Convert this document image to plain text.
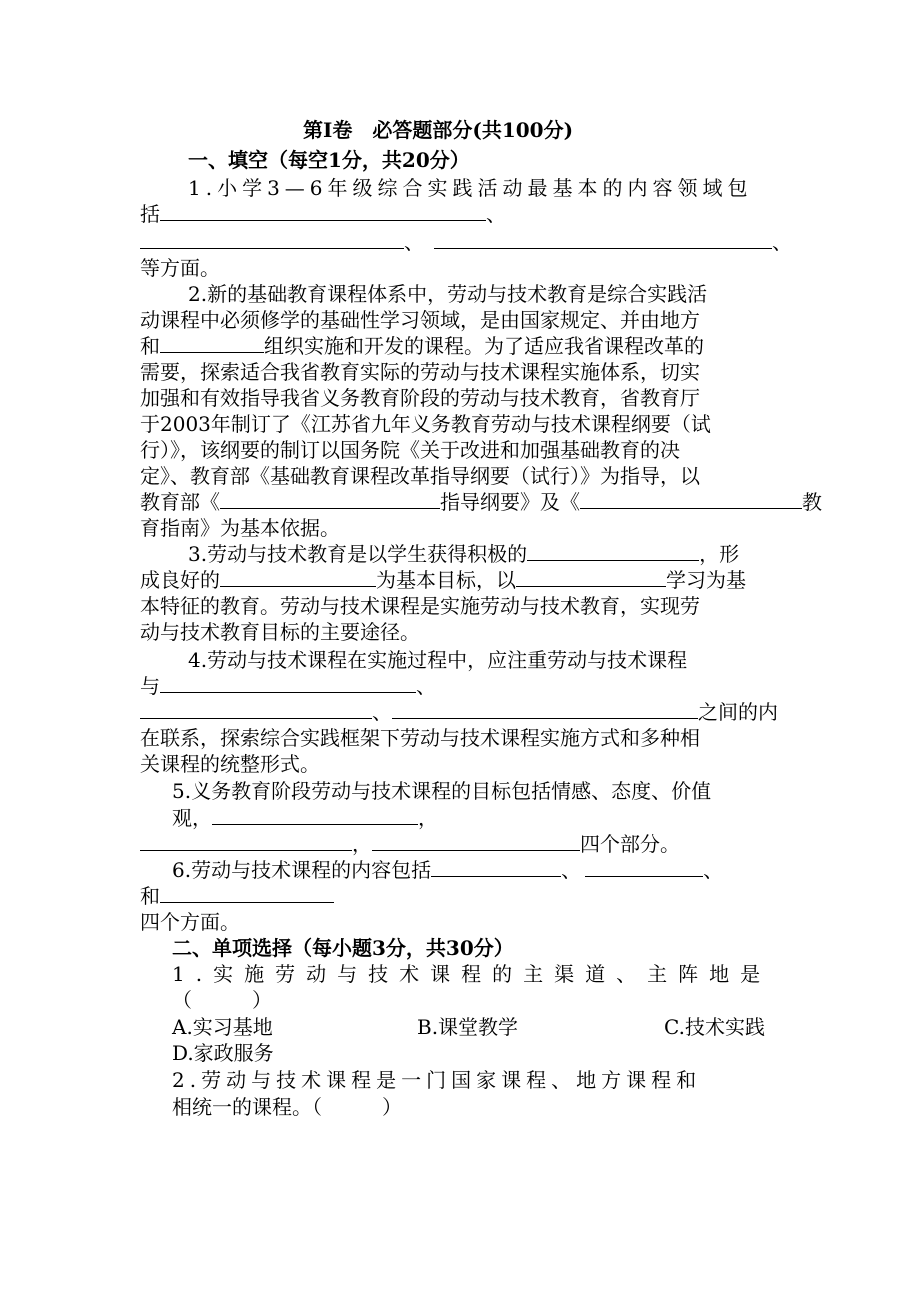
第Ⅰ卷　必答题部分(共100分)
一、填空（每空1分，共20分）
1.小学3—6年级综合实践活动最基本的内容领域包
括	、
、	、
等方面。
2.新的基础教育课程体系中，劳动与技术教育是综合实践活
动课程中必须修学的基础性学习领域，是由国家规定、并由地方
和	组织实施和开发的课程。为了适应我省课程改革的
需要，探索适合我省教育实际的劳动与技术课程实施体系，切实
加强和有效指导我省义务教育阶段的劳动与技术教育，省教育厅
于2003年制订了《江苏省九年义务教育劳动与技术课程纲要（试
行）》，该纲要的制订以国务院《关于改进和加强基础教育的决
定》、教育部《基础教育课程改革指导纲要（试行）》为指导，以
教育部《	指导纲要》及《	教
育指南》为基本依据。
3.劳动与技术教育是以学生获得积极的	，形
成良好的	为基本目标，以	学习为基
本特征的教育。劳动与技术课程是实施劳动与技术教育，实现劳
动与技术教育目标的主要途径。
4.劳动与技术课程在实施过程中，应注重劳动与技术课程
与	、
、	之间的内
在联系，探索综合实践框架下劳动与技术课程实施方式和多种相
关课程的统整形式。
5.义务教育阶段劳动与技术课程的目标包括情感、态度、价值
观，	，
，	四个部分。
6.劳动与技术课程的内容包括	、	、
和
四个方面。
二、单项选择（每小题3分，共30分）
1.实施劳动与技术课程的主渠道、主阵地是
（　　　）
A.实习基地	B.课堂教学	C.技术实践
D.家政服务
2.劳动与技术课程是一门国家课程、地方课程和
相统一的课程。（　　　）
